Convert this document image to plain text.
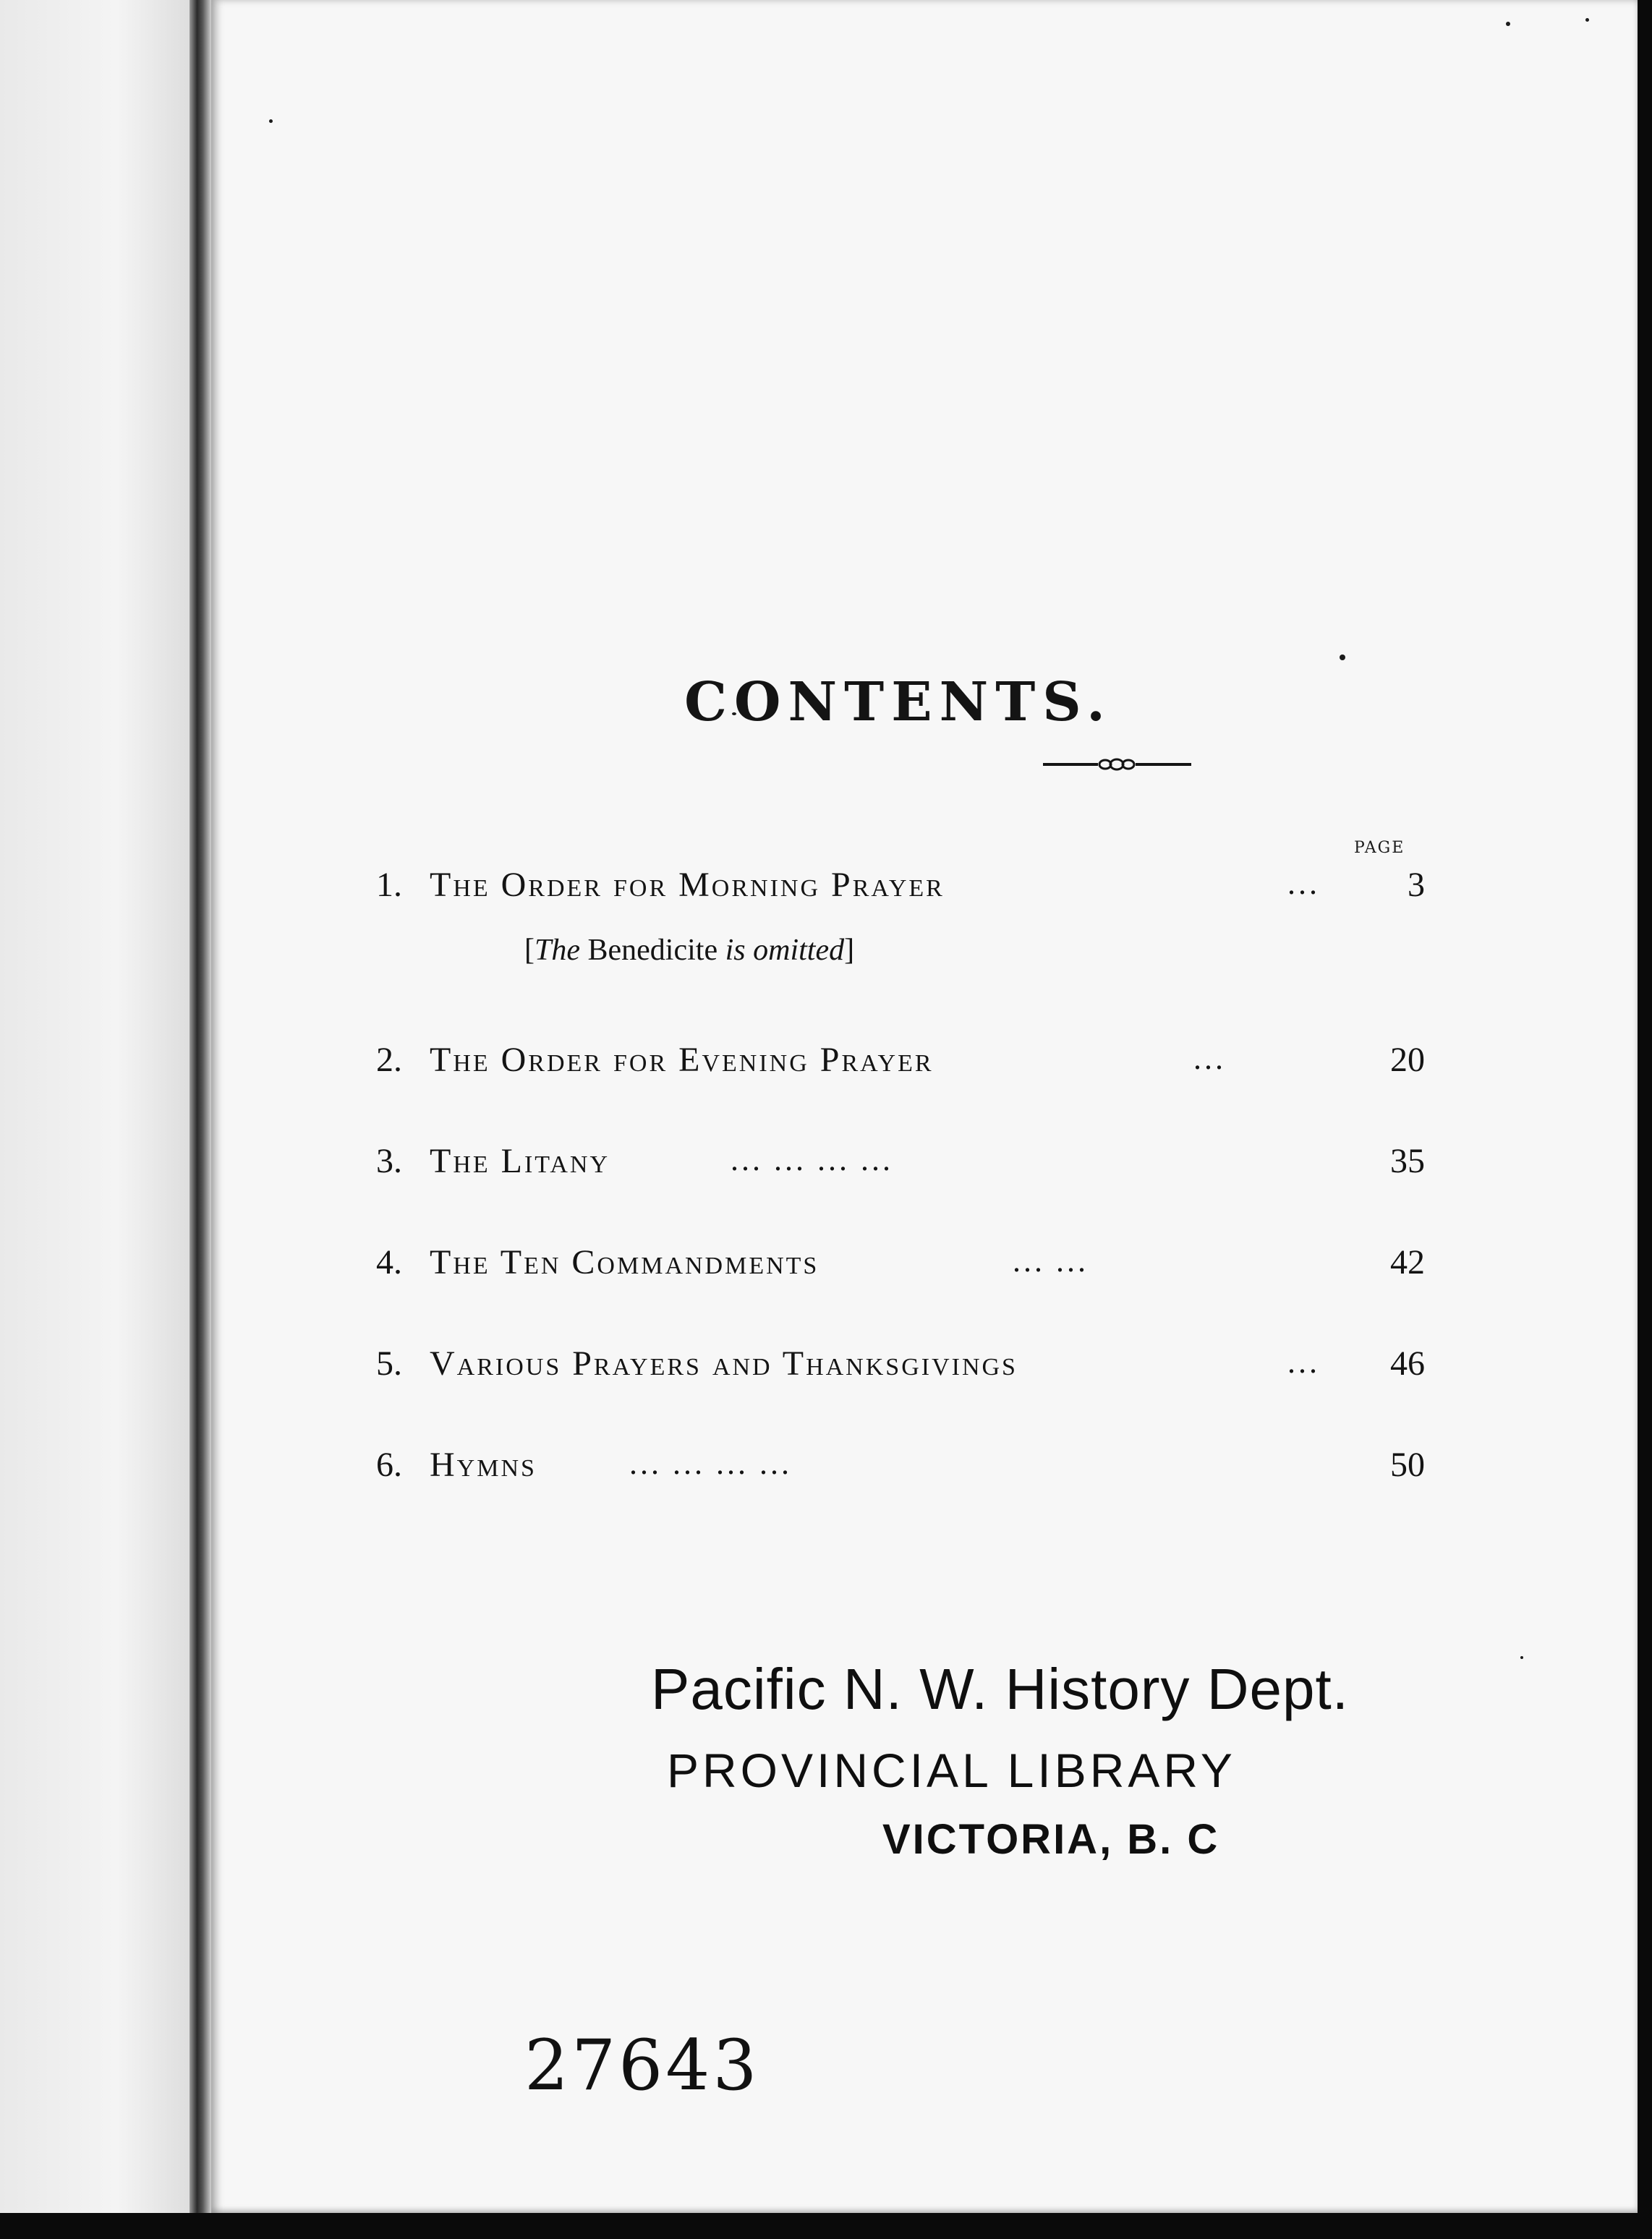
CONTENTS.
PAGE
1. The Order for Morning Prayer	...	3
[The Benedicite is omitted]
2. The Order for Evening Prayer	...	20
3. The Litany	... ... ... ...	35
4. The Ten Commandments	... ...	42
5. Various Prayers and Thanksgivings	...	46
6. Hymns	... ... ... ...	50
Pacific N. W. History Dept.
PROVINCIAL LIBRARY
VICTORIA, B. C
27643
